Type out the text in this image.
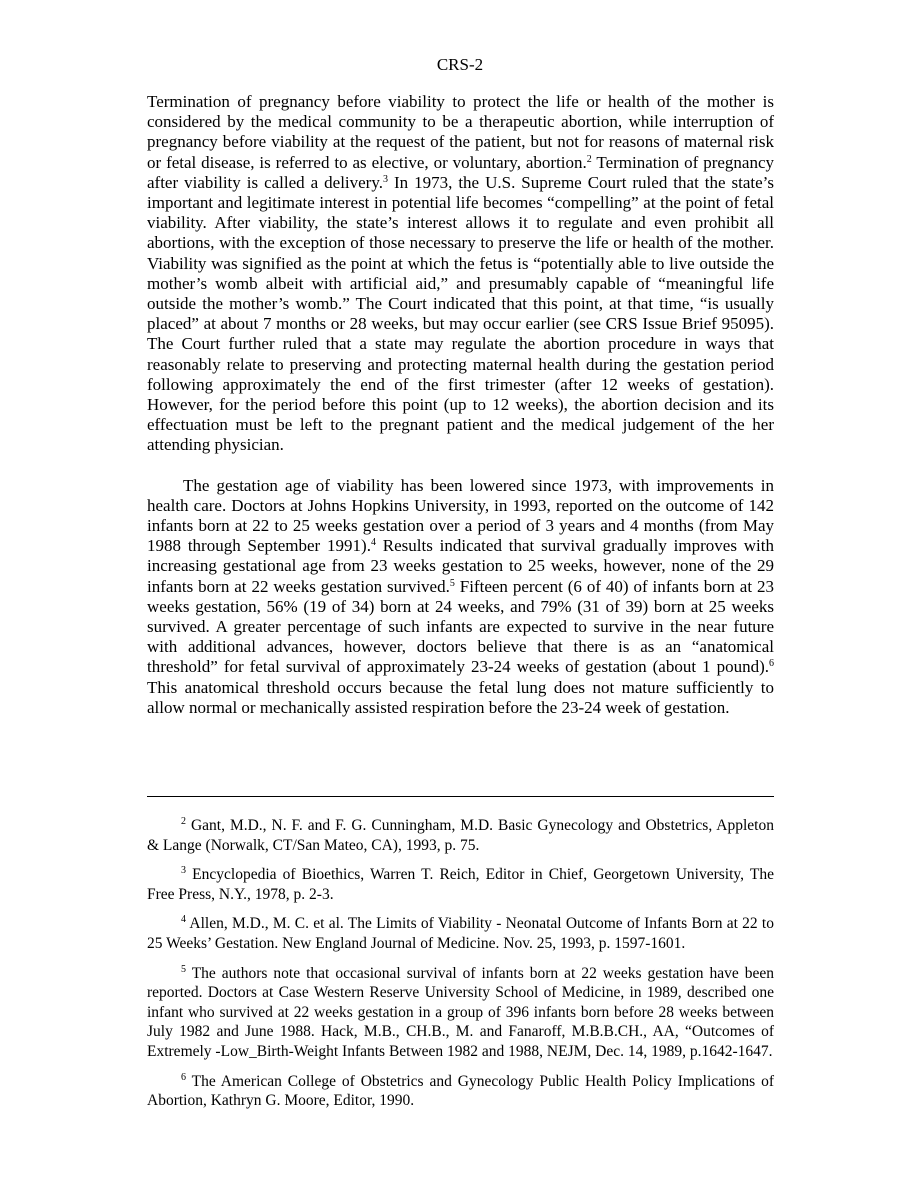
CRS-2

Termination of pregnancy before viability to protect the life or health of the mother is considered by the medical community to be a therapeutic abortion, while interruption of pregnancy before viability at the request of the patient, but not for reasons of maternal risk or fetal disease, is referred to as elective, or voluntary, abortion.$^2$ Termination of pregnancy after viability is called a delivery.$^3$ In 1973, the U.S. Supreme Court ruled that the state’s important and legitimate interest in potential life becomes “compelling” at the point of fetal viability. After viability, the state’s interest allows it to regulate and even prohibit all abortions, with the exception of those necessary to preserve the life or health of the mother. Viability was signified as the point at which the fetus is “potentially able to live outside the mother’s womb albeit with artificial aid,” and presumably capable of “meaningful life outside the mother’s womb.” The Court indicated that this point, at that time, “is usually placed” at about 7 months or 28 weeks, but may occur earlier (see CRS Issue Brief 95095). The Court further ruled that a state may regulate the abortion procedure in ways that reasonably relate to preserving and protecting maternal health during the gestation period following approximately the end of the first trimester (after 12 weeks of gestation). However, for the period before this point (up to 12 weeks), the abortion decision and its effectuation must be left to the pregnant patient and the medical judgement of the her attending physician.

The gestation age of viability has been lowered since 1973, with improvements in health care. Doctors at Johns Hopkins University, in 1993, reported on the outcome of 142 infants born at 22 to 25 weeks gestation over a period of 3 years and 4 months (from May 1988 through September 1991).$^4$ Results indicated that survival gradually improves with increasing gestational age from 23 weeks gestation to 25 weeks, however, none of the 29 infants born at 22 weeks gestation survived.$^5$ Fifteen percent (6 of 40) of infants born at 23 weeks gestation, 56% (19 of 34) born at 24 weeks, and 79% (31 of 39) born at 25 weeks survived. A greater percentage of such infants are expected to survive in the near future with additional advances, however, doctors believe that there is as an “anatomical threshold” for fetal survival of approximately 23-24 weeks of gestation (about 1 pound).$^6$ This anatomical threshold occurs because the fetal lung does not mature sufficiently to allow normal or mechanically assisted respiration before the 23-24 week of gestation.

$^2$ Gant, M.D., N. F. and F. G. Cunningham, M.D. Basic Gynecology and Obstetrics, Appleton & Lange (Norwalk, CT/San Mateo, CA), 1993, p. 75.

$^3$ Encyclopedia of Bioethics, Warren T. Reich, Editor in Chief, Georgetown University, The Free Press, N.Y., 1978, p. 2-3.

$^4$ Allen, M.D., M. C. et al. The Limits of Viability - Neonatal Outcome of Infants Born at 22 to 25 Weeks’ Gestation. New England Journal of Medicine. Nov. 25, 1993, p. 1597-1601.

$^5$ The authors note that occasional survival of infants born at 22 weeks gestation have been reported. Doctors at Case Western Reserve University School of Medicine, in 1989, described one infant who survived at 22 weeks gestation in a group of 396 infants born before 28 weeks between July 1982 and June 1988. Hack, M.B., CH.B., M. and Fanaroff, M.B.B.CH., AA, “Outcomes of Extremely -Low_Birth-Weight Infants Between 1982 and 1988, NEJM, Dec. 14, 1989, p.1642-1647.

$^6$ The American College of Obstetrics and Gynecology Public Health Policy Implications of Abortion, Kathryn G. Moore, Editor, 1990.
